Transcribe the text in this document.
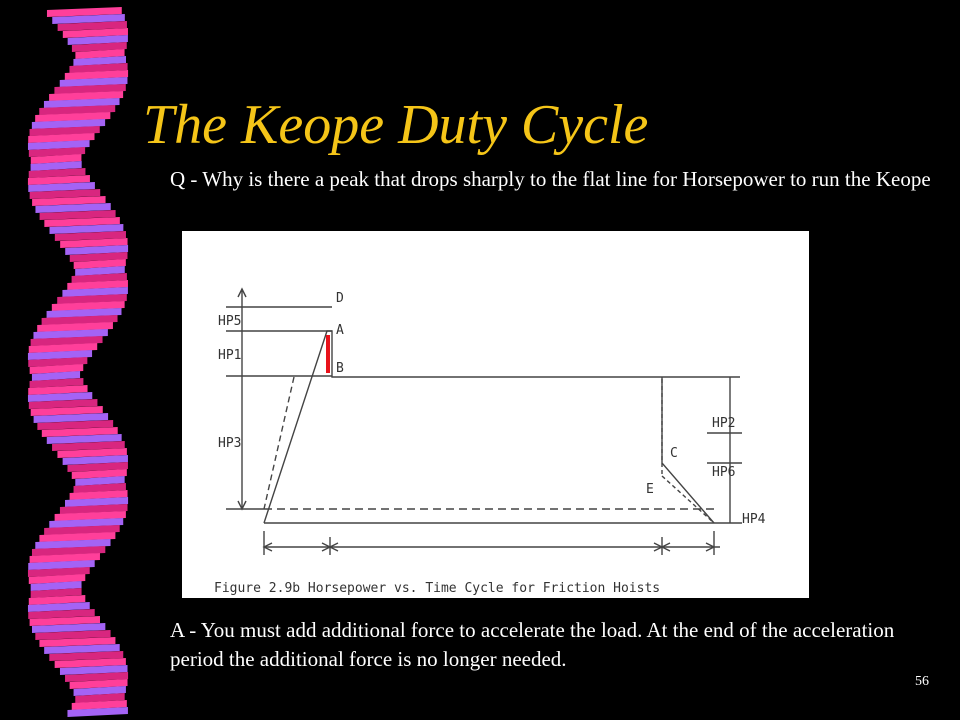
The Keope Duty Cycle

Q - Why is there a peak that drops sharply to the flat line for Horsepower to run the Keope

HP5
HP1
HP3
HP2
HP6
HP4
D
A
B
C
E
Figure 2.9b Horsepower vs. Time Cycle for Friction Hoists

A - You must add additional force to accelerate the load. At the end of the acceleration period the additional force is no longer needed.

56
